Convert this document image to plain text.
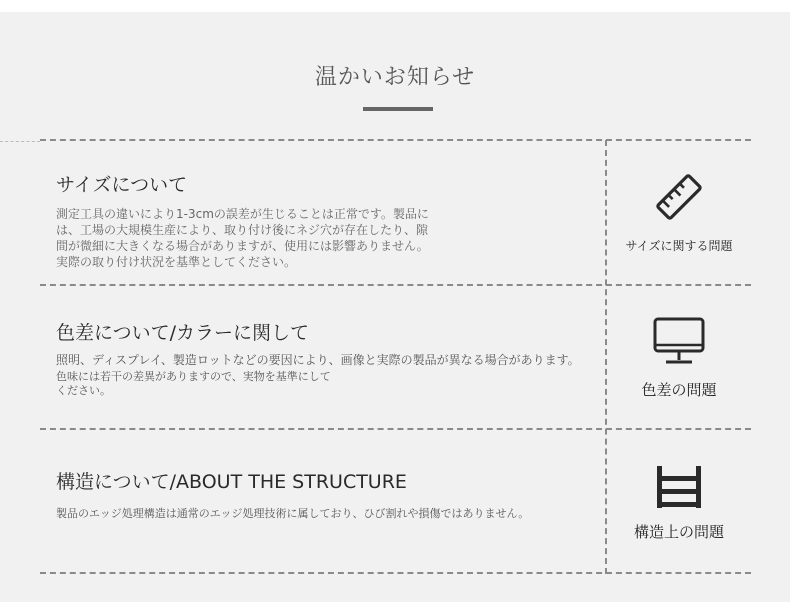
温かいお知らせ
サイズについて
測定工具の違いにより1-3cmの誤差が生じることは正常です。製品に
は、工場の大規模生産により、取り付け後にネジ穴が存在したり、隙
間が微細に大きくなる場合がありますが、使用には影響ありません。
実際の取り付け状況を基準としてください。
サイズに関する問題
色差について/カラーに関して
照明、ディスプレイ、製造ロットなどの要因により、画像と実際の製品が異なる場合があります。
色味には若干の差異がありますので、実物を基準にして
ください。	色差の問題
構造について/ABOUT THE STRUCTURE
製品のエッジ処理構造は通常のエッジ処理技術に属しており、ひび割れや損傷ではありません。
構造上の問題
